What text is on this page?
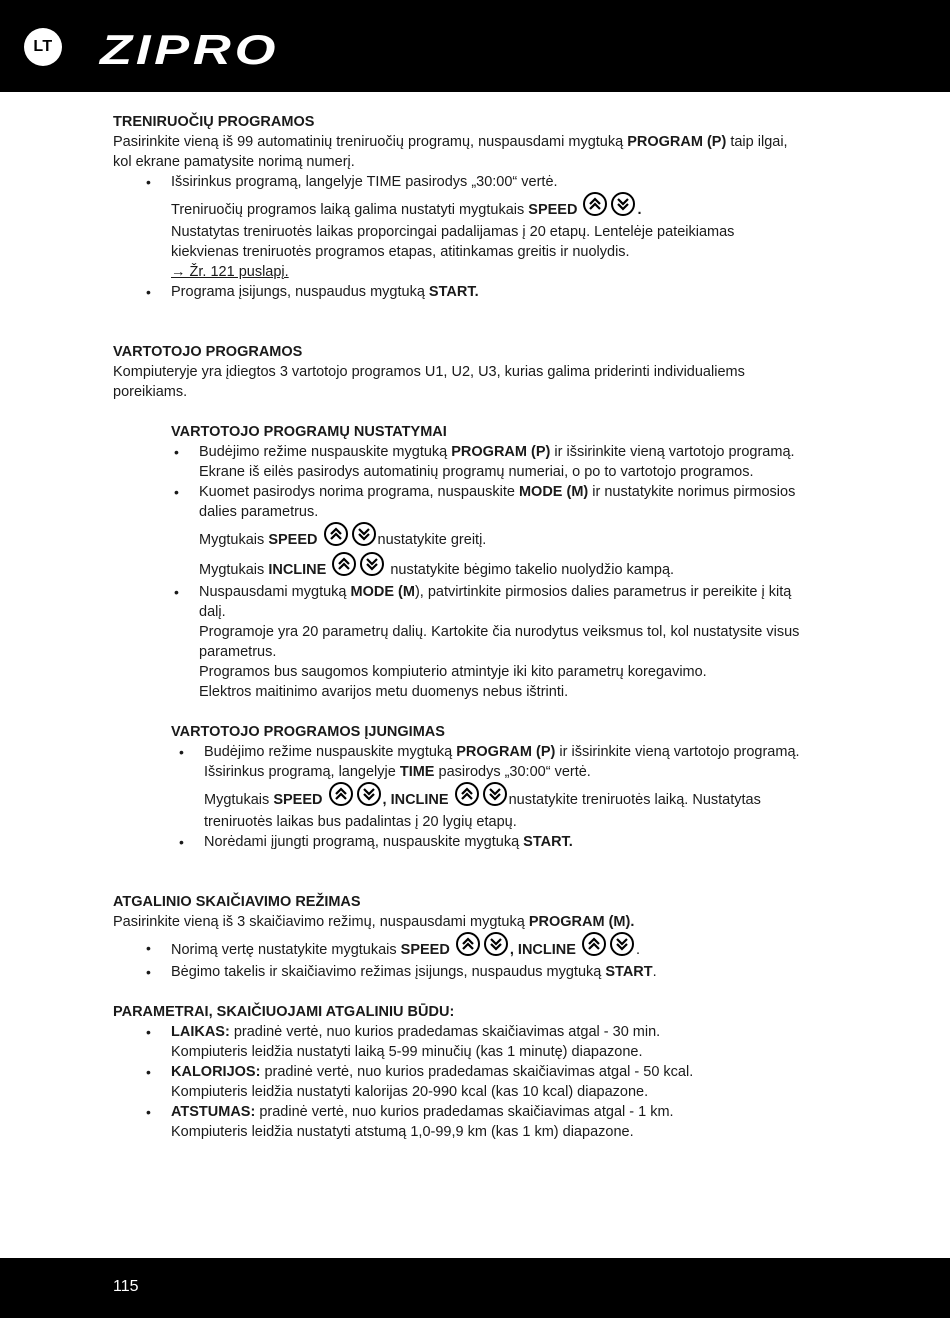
LT ZIPRO
TRENIRUOČIŲ PROGRAMOS

Pasirinkite vieną iš 99 automatinių treniruočių programų, nuspausdami mygtuką PROGRAM (P) taip ilgai,

kol ekrane pamatysite norimą numerį.

• Išsirinkus programą, langelyje TIME pasirodys „30:00“ vertė.
Treniruočių programos laiką galima nustatyti mygtukais SPEED	.

Nustatytas treniruotės laikas proporcingai padalijamas į 20 etapų. Lentelėje pateikiamas

kiekvienas treniruotės programos etapas, atitinkamas greitis ir nuolydis.

→ Žr. 121 puslapį.

• Programa įsijungs, nuspaudus mygtuką START.
VARTOTOJO PROGRAMOS

Kompiuteryje yra įdiegtos 3 vartotojo programos U1, U2, U3, kurias galima priderinti individualiems

poreikiams.

VARTOTOJO PROGRAMŲ NUSTATYMAI
• Budėjimo režime nuspauskite mygtuką PROGRAM (P) ir išsirinkite vieną vartotojo programą.
Ekrane iš eilės pasirodys automatinių programų numeriai, o po to vartotojo programos.
• Kuomet pasirodys norima programa, nuspauskite MODE (M) ir nustatykite norimus pirmosios
dalies parametrus.
Mygtukais SPEED	nustatykite greitį.
Mygtukais INCLINE	nustatykite bėgimo takelio nuolydžio kampą.
• Nuspausdami mygtuką MODE (M), patvirtinkite pirmosios dalies parametrus ir pereikite į kitą
dalį.
Programoje yra 20 parametrų dalių. Kartokite čia nurodytus veiksmus tol, kol nustatysite visus
parametrus.
Programos bus saugomos kompiuterio atmintyje iki kito parametrų koregavimo.
Elektros maitinimo avarijos metu duomenys nebus ištrinti.
VARTOTOJO PROGRAMOS ĮJUNGIMAS
• Budėjimo režime nuspauskite mygtuką PROGRAM (P) ir išsirinkite vieną vartotojo programą.
Išsirinkus programą, langelyje TIME pasirodys „30:00“ vertė.
Mygtukais SPEED	, INCLINE	nustatykite treniruotės laiką. Nustatytas
treniruotės laikas bus padalintas į 20 lygių etapų.
• Norėdami įjungti programą, nuspauskite mygtuką START.
ATGALINIO SKAIČIAVIMO REŽIMAS

Pasirinkite vieną iš 3 skaičiavimo režimų, nuspausdami mygtuką PROGRAM (M).

• Norimą vertę nustatykite mygtukais SPEED	, INCLINE	.
• Bėgimo takelis ir skaičiavimo režimas įsijungs, nuspaudus mygtuką START.
PARAMETRAI, SKAIČIUOJAMI ATGALINIU BŪDU:
• LAIKAS: pradinė vertė, nuo kurios pradedamas skaičiavimas atgal - 30 min.
Kompiuteris leidžia nustatyti laiką 5-99 minučių (kas 1 minutę) diapazone.
• KALORIJOS: pradinė vertė, nuo kurios pradedamas skaičiavimas atgal - 50 kcal.
Kompiuteris leidžia nustatyti kalorijas 20-990 kcal (kas 10 kcal) diapazone.
• ATSTUMAS: pradinė vertė, nuo kurios pradedamas skaičiavimas atgal - 1 km.
Kompiuteris leidžia nustatyti atstumą 1,0-99,9 km (kas 1 km) diapazone.
115
